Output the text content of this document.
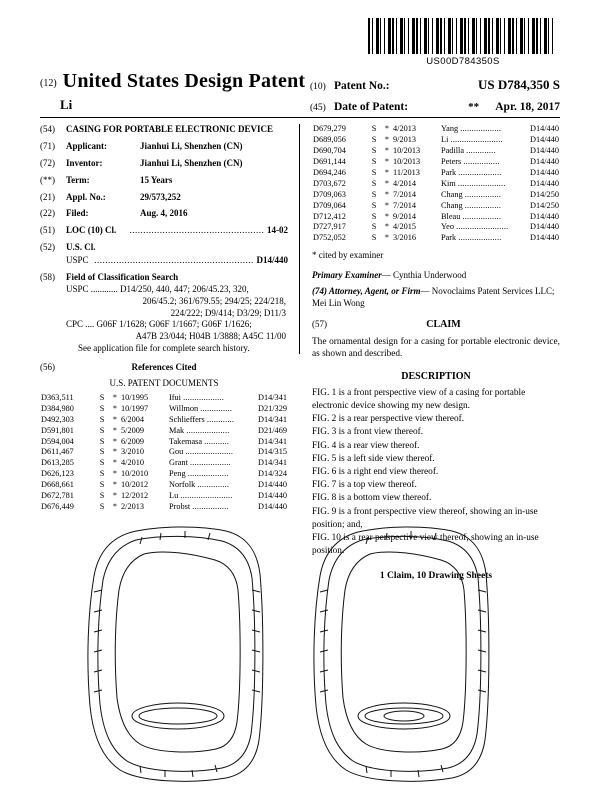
US00D784350S
(12) United States Design Patent (10) Patent No.:	US D784,350 S
Li	(45) Date of Patent:	** Apr. 18, 2017
(54)	CASING FOR PORTABLE ELECTRONIC DEVICE
(71)	Applicant:	Jianhui Li, Shenzhen (CN)
(72)	Inventor:	Jianhui Li, Shenzhen (CN)
(**)	Term:	15 Years
(21)	Appl. No.:	29/573,252
(22)	Filed:	Aug. 4, 2016
(51)	LOC (10) Cl.	................................................. 14-02
(52)	U.S. Cl.
USPC .......................................................... D14/440
(58)	Field of Classification Search
USPC ............ D14/250, 440, 447; 206/45.23, 320,
206/45.2; 361/679.55; 294/25; 224/218,
224/222; D9/414; D3/29; D11/3
CPC .... G06F 1/1628; G06F 1/1667; G06F 1/1626;
A47B 23/044; H04B 1/3888; A45C 11/00
See application file for complete search history.
(56)	References Cited
U.S. PATENT DOCUMENTS
D363,511	S	*	10/1995	Ifui ..................	D14/341
D384,980	S	*	10/1997	Willmon ..............	D21/329
D492,303	S	*	6/2004	Schlieffers ............	D14/341
D591,801	S	*	5/2009	Mak ...................	D21/469
D594,004	S	*	6/2009	Takemasa ...........	D14/341
D611,467	S	*	3/2010	Gou .....................	D14/315
D613,285	S	*	4/2010	Grant ..................	D14/341
D626,123	S	*	10/2010	Peng ..................	D14/324
D668,661	S	*	10/2012	Norfolk ..............	D14/440
D672,781	S	*	12/2012	Lu .......................	D14/440
D676,449	S	*	2/2013	Probst ................	D14/440
D679,279	S	*	4/2013	Yang ..................	D14/440
D689,056	S	*	9/2013	Li .......................	D14/440
D690,704	S	*	10/2013	Padilla .............	D14/440
D691,144	S	*	10/2013	Peters ................	D14/440
D694,246	S	*	11/2013	Park ...................	D14/440
D703,672	S	*	4/2014	Kim .....................	D14/440
D709,063	S	*	7/2014	Chang ................	D14/250
D709,064	S	*	7/2014	Chang ................	D14/250
D712,412	S	*	9/2014	Bleau .................	D14/440
D727,917	S	*	4/2015	Yeo .......................	D14/440
D752,052	S	*	3/2016	Park ...................	D14/440
* cited by examiner
Primary Examiner— Cynthia Underwood
(74) Attorney, Agent, or Firm— Novoclaims Patent Services LLC; Mei Lin Wong
(57)	CLAIM
The ornamental design for a casing for portable electronic device, as shown and described.
DESCRIPTION
FIG. 1 is a front perspective view of a casing for portable electronic device showing my new design.
FIG. 2 is a rear perspective view thereof.
FIG. 3 is a front view thereof.
FIG. 4 is a rear view thereof.
FIG. 5 is a left side view thereof.
FIG. 6 is a right end view thereof.
FIG. 7 is a top view thereof.
FIG. 8 is a bottom view thereof.
FIG. 9 is a front perspective view thereof, showing an in-use position; and,
FIG. 10 is a rear perspective view thereof, showing an in-use position.
1 Claim, 10 Drawing Sheets
